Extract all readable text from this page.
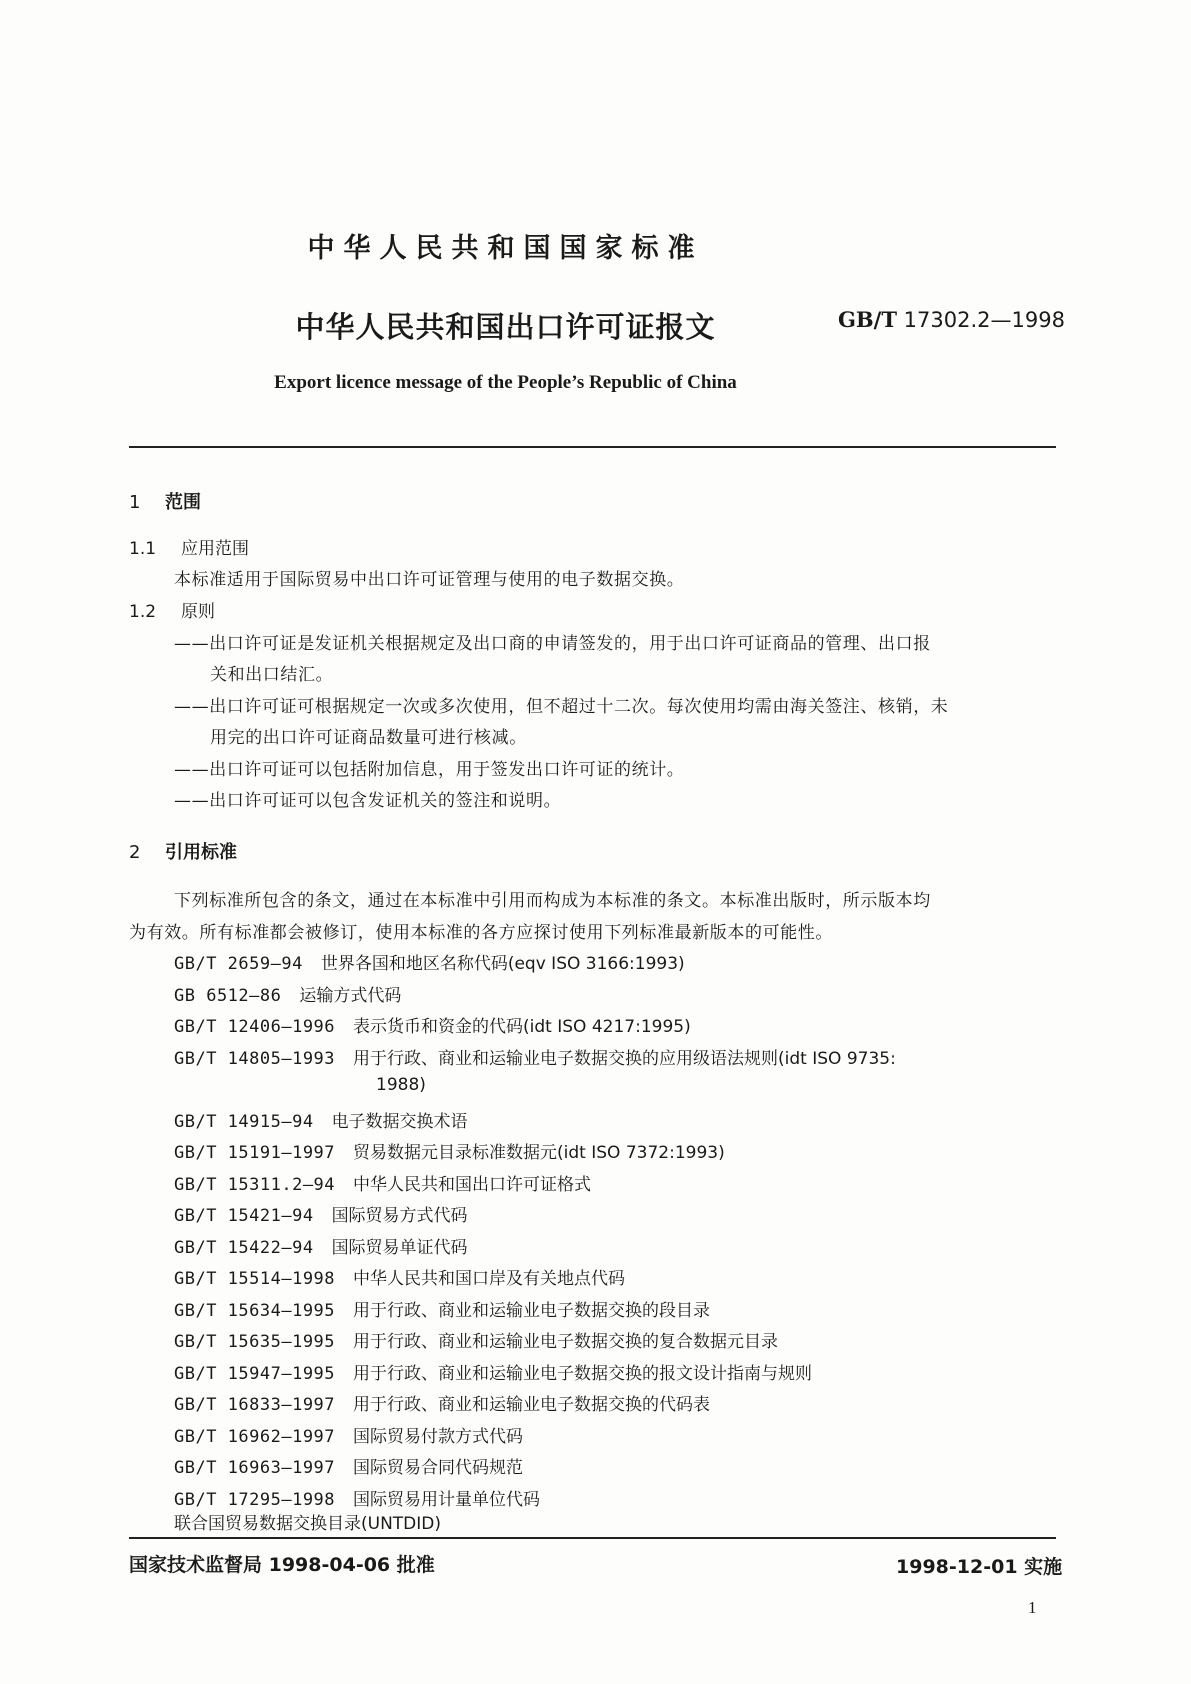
中华人民共和国国家标准
中华人民共和国出口许可证报文	GB/T 17302.2—1998
Export licence message of the People’s Republic of China
1 范围
1.1 应用范围
本标准适用于国际贸易中出口许可证管理与使用的电子数据交换。
1.2 原则
——出口许可证是发证机关根据规定及出口商的申请签发的，用于出口许可证商品的管理、出口报
关和出口结汇。
——出口许可证可根据规定一次或多次使用，但不超过十二次。每次使用均需由海关签注、核销，未
用完的出口许可证商品数量可进行核减。
——出口许可证可以包括附加信息，用于签发出口许可证的统计。
——出口许可证可以包含发证机关的签注和说明。
2 引用标准
下列标准所包含的条文，通过在本标准中引用而构成为本标准的条文。本标准出版时，所示版本均
为有效。所有标准都会被修订，使用本标准的各方应探讨使用下列标准最新版本的可能性。
GB/T 2659—94 世界各国和地区名称代码(eqv ISO 3166:1993)
GB 6512—86 运输方式代码
GB/T 12406—1996 表示货币和资金的代码(idt ISO 4217:1995)
GB/T 14805—1993 用于行政、商业和运输业电子数据交换的应用级语法规则(idt ISO 9735:
1988)
GB/T 14915—94 电子数据交换术语
GB/T 15191—1997 贸易数据元目录标准数据元(idt ISO 7372:1993)
GB/T 15311.2—94 中华人民共和国出口许可证格式
GB/T 15421—94 国际贸易方式代码
GB/T 15422—94 国际贸易单证代码
GB/T 15514—1998 中华人民共和国口岸及有关地点代码
GB/T 15634—1995 用于行政、商业和运输业电子数据交换的段目录
GB/T 15635—1995 用于行政、商业和运输业电子数据交换的复合数据元目录
GB/T 15947—1995 用于行政、商业和运输业电子数据交换的报文设计指南与规则
GB/T 16833—1997 用于行政、商业和运输业电子数据交换的代码表
GB/T 16962—1997 国际贸易付款方式代码
GB/T 16963—1997 国际贸易合同代码规范
GB/T 17295—1998 国际贸易用计量单位代码
联合国贸易数据交换目录(UNTDID)
国家技术监督局 1998-04-06 批准	1998-12-01 实施
1
